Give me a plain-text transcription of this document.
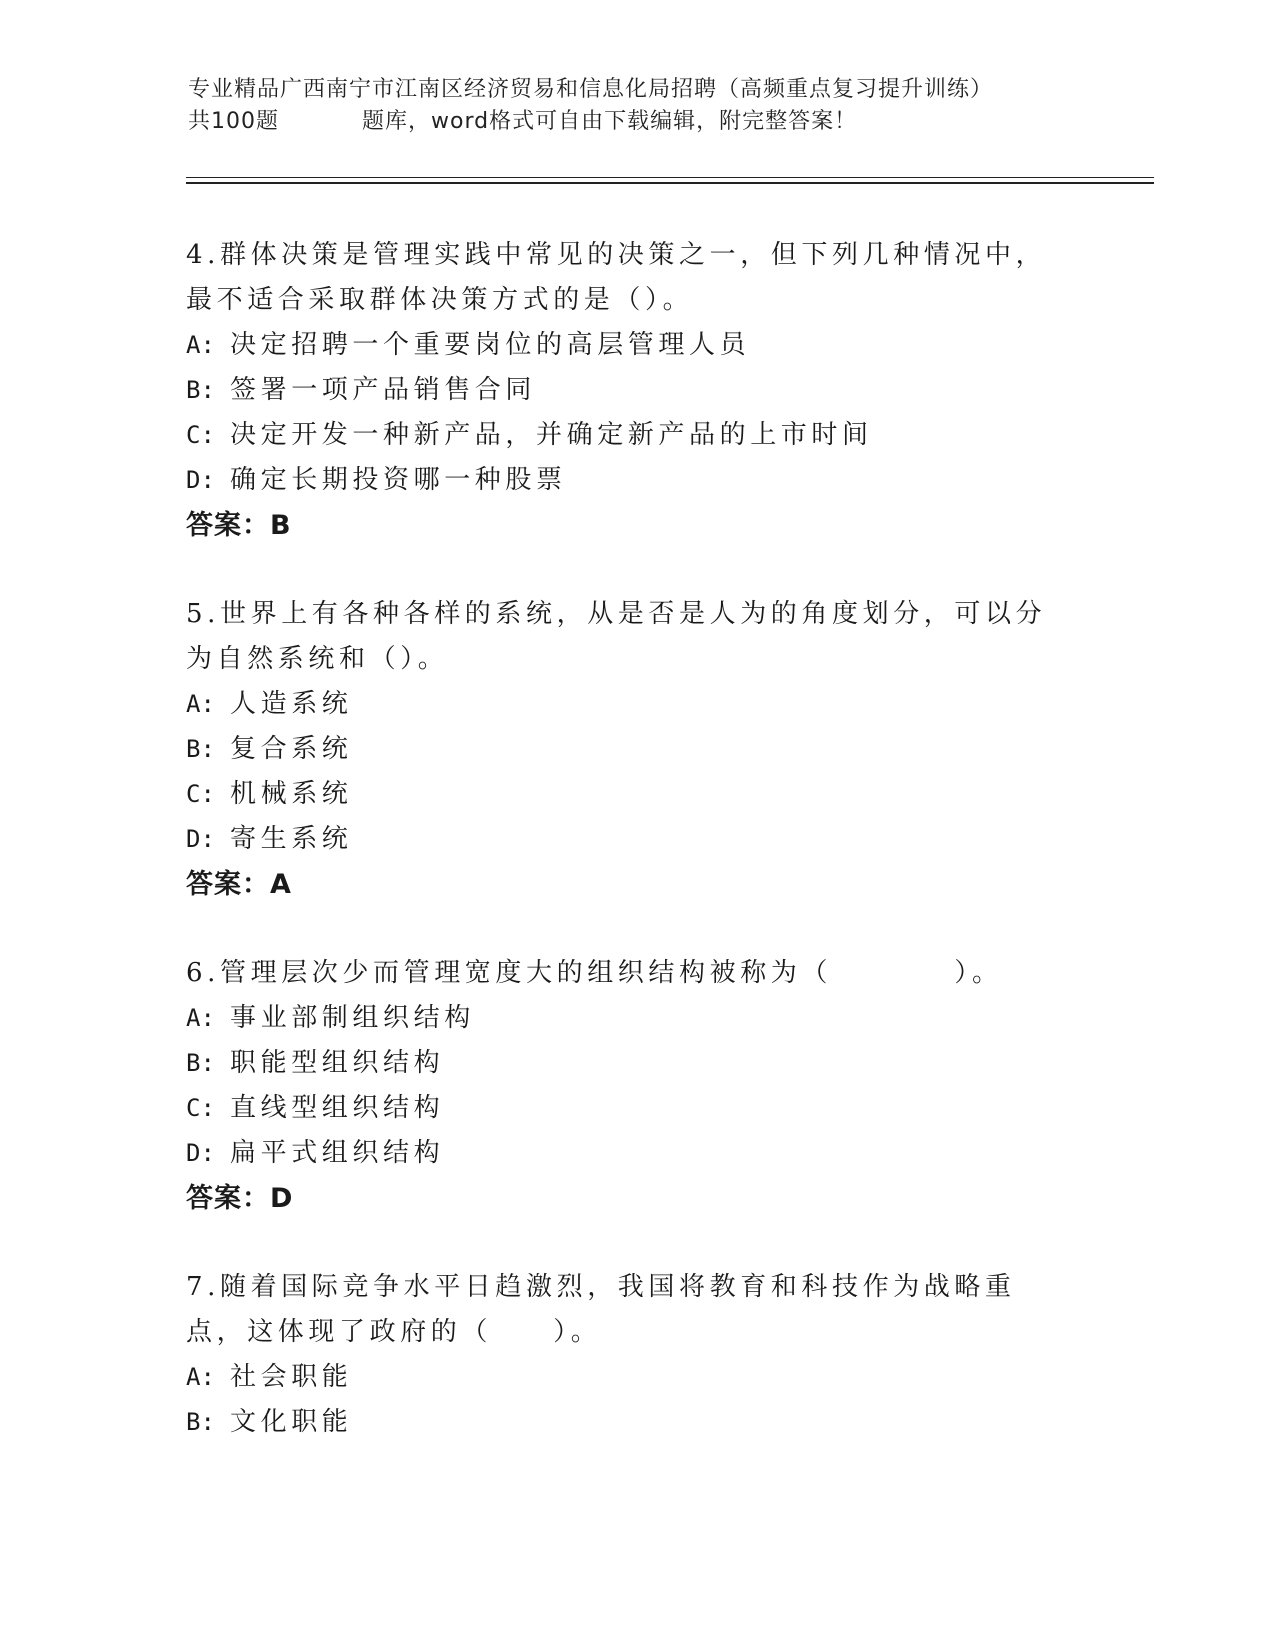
专业精品广西南宁市江南区经济贸易和信息化局招聘（高频重点复习提升训练）
共100题	题库，word格式可自由下载编辑，附完整答案！

4.群体决策是管理实践中常见的决策之一，但下列几种情况中，最不适合采取群体决策方式的是（）。

A: 决定招聘一个重要岗位的高层管理人员

B: 签署一项产品销售合同

C: 决定开发一种新产品，并确定新产品的上市时间

D: 确定长期投资哪一种股票

答案：B

5.世界上有各种各样的系统，从是否是人为的角度划分，可以分为自然系统和（）。

A: 人造系统

B: 复合系统

C: 机械系统

D: 寄生系统

答案：A

6.管理层次少而管理宽度大的组织结构被称为（　　　　）。

A: 事业部制组织结构

B: 职能型组织结构

C: 直线型组织结构

D: 扁平式组织结构

答案：D

7.随着国际竞争水平日趋激烈，我国将教育和科技作为战略重点，这体现了政府的（　　）。

A: 社会职能

B: 文化职能
